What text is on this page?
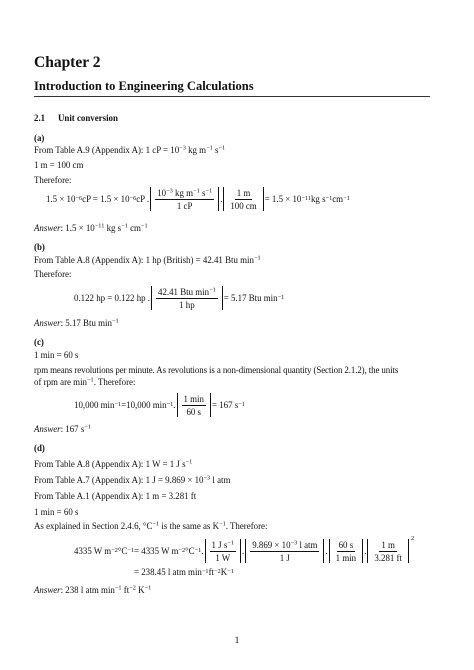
Chapter 2
Introduction to Engineering Calculations
2.1 Unit conversion
(a)
From Table A.9 (Appendix A): 1 cP = $10^{-3}$ kg $m^{-1}$ $s^{-1}$
1 m = 100 cm
Therefore:
1.5 × 10 −6 cP = 1.5 × 10 −6 cP . $\frac{10^{-3} kg m^{-1} s^{-1}}{1 cP}$ . $\frac{1 m}{100 cm} = 1.5 \times 10 -11$ kg s −1 cm −1
Answer: $1.5 \times 10^{-11}$ kg $s^{-1}$ $cm^{-1}$
(b)
From Table A.8 (Appendix A): 1 hp (British) = 42.41 Btu $\min^{-1}$
Therefore:
0.122 hp = 0.122 hp . $\frac{42.41 Btu \min^{-1}}{1 hp} = 5.17$ Btu min −1
Answer: 5.17 Btu $\min^{-1}$
(c)
1 min = 60 s
rpm means revolutions per minute. As revolutions is a non-dimensional quantity (Section 2.1.2), the units
of rpm are $\min^{-1}$. Therefore:
10,000 min −1 =10,000 min −1 . $\frac{1 \min}{60 s} = 167$ s −1
Answer: 167 $s^{-1}$
(d)
From Table A.8 (Appendix A): 1 W = 1 J $s^{-1}$
From Table A.7 (Appendix A): 1 $J = 9.869 \times 10^{-3}$ l atm
From Table A.1 (Appendix A): 1 m = 3.281 ft
1 min = 60 s
As explained in Section 2.4.6, $^\circ C^{-1}$ is the same as $K^{-1}$. Therefore:
4335 W m −2 °C −1 = 4335 W m −2 °C −1 . $\frac{1 J s^{-1}}{1 W}$ . $\frac{9.869 \times 10^{-3} l atm}{1 J}$ . $\frac{60 s}{1 \min}$ . $\frac{1 m}{3.281 ft}$
2
= 238.45 l atm min −1 ft −2 K −1
Answer: 238 l atm $\min^{-1} ft^{-2}$ $K^{-1}$
1
